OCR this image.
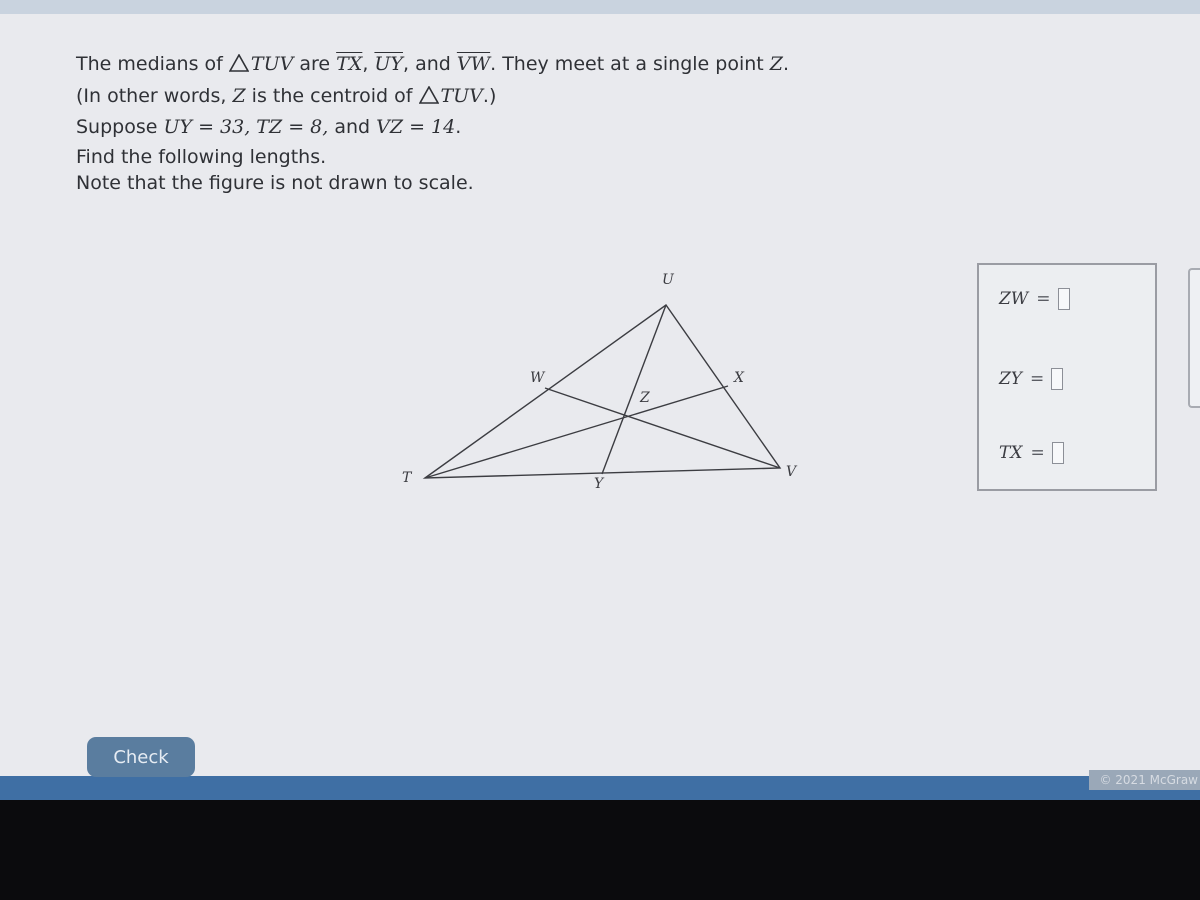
The medians of TUV are $\overline{TX}$, $\overline{UY}$, and $\overline{VW}$. They meet at a single point Z.

(In other words, Z is the centroid of TUV.)

Suppose UY = 33, TZ = 8, and VZ = 14.

Find the following lengths.

Note that the figure is not drawn to scale.

U
W	X
Z
T	Y
V
ZW =
ZY =
TX =
Check
© 2021 McGraw
